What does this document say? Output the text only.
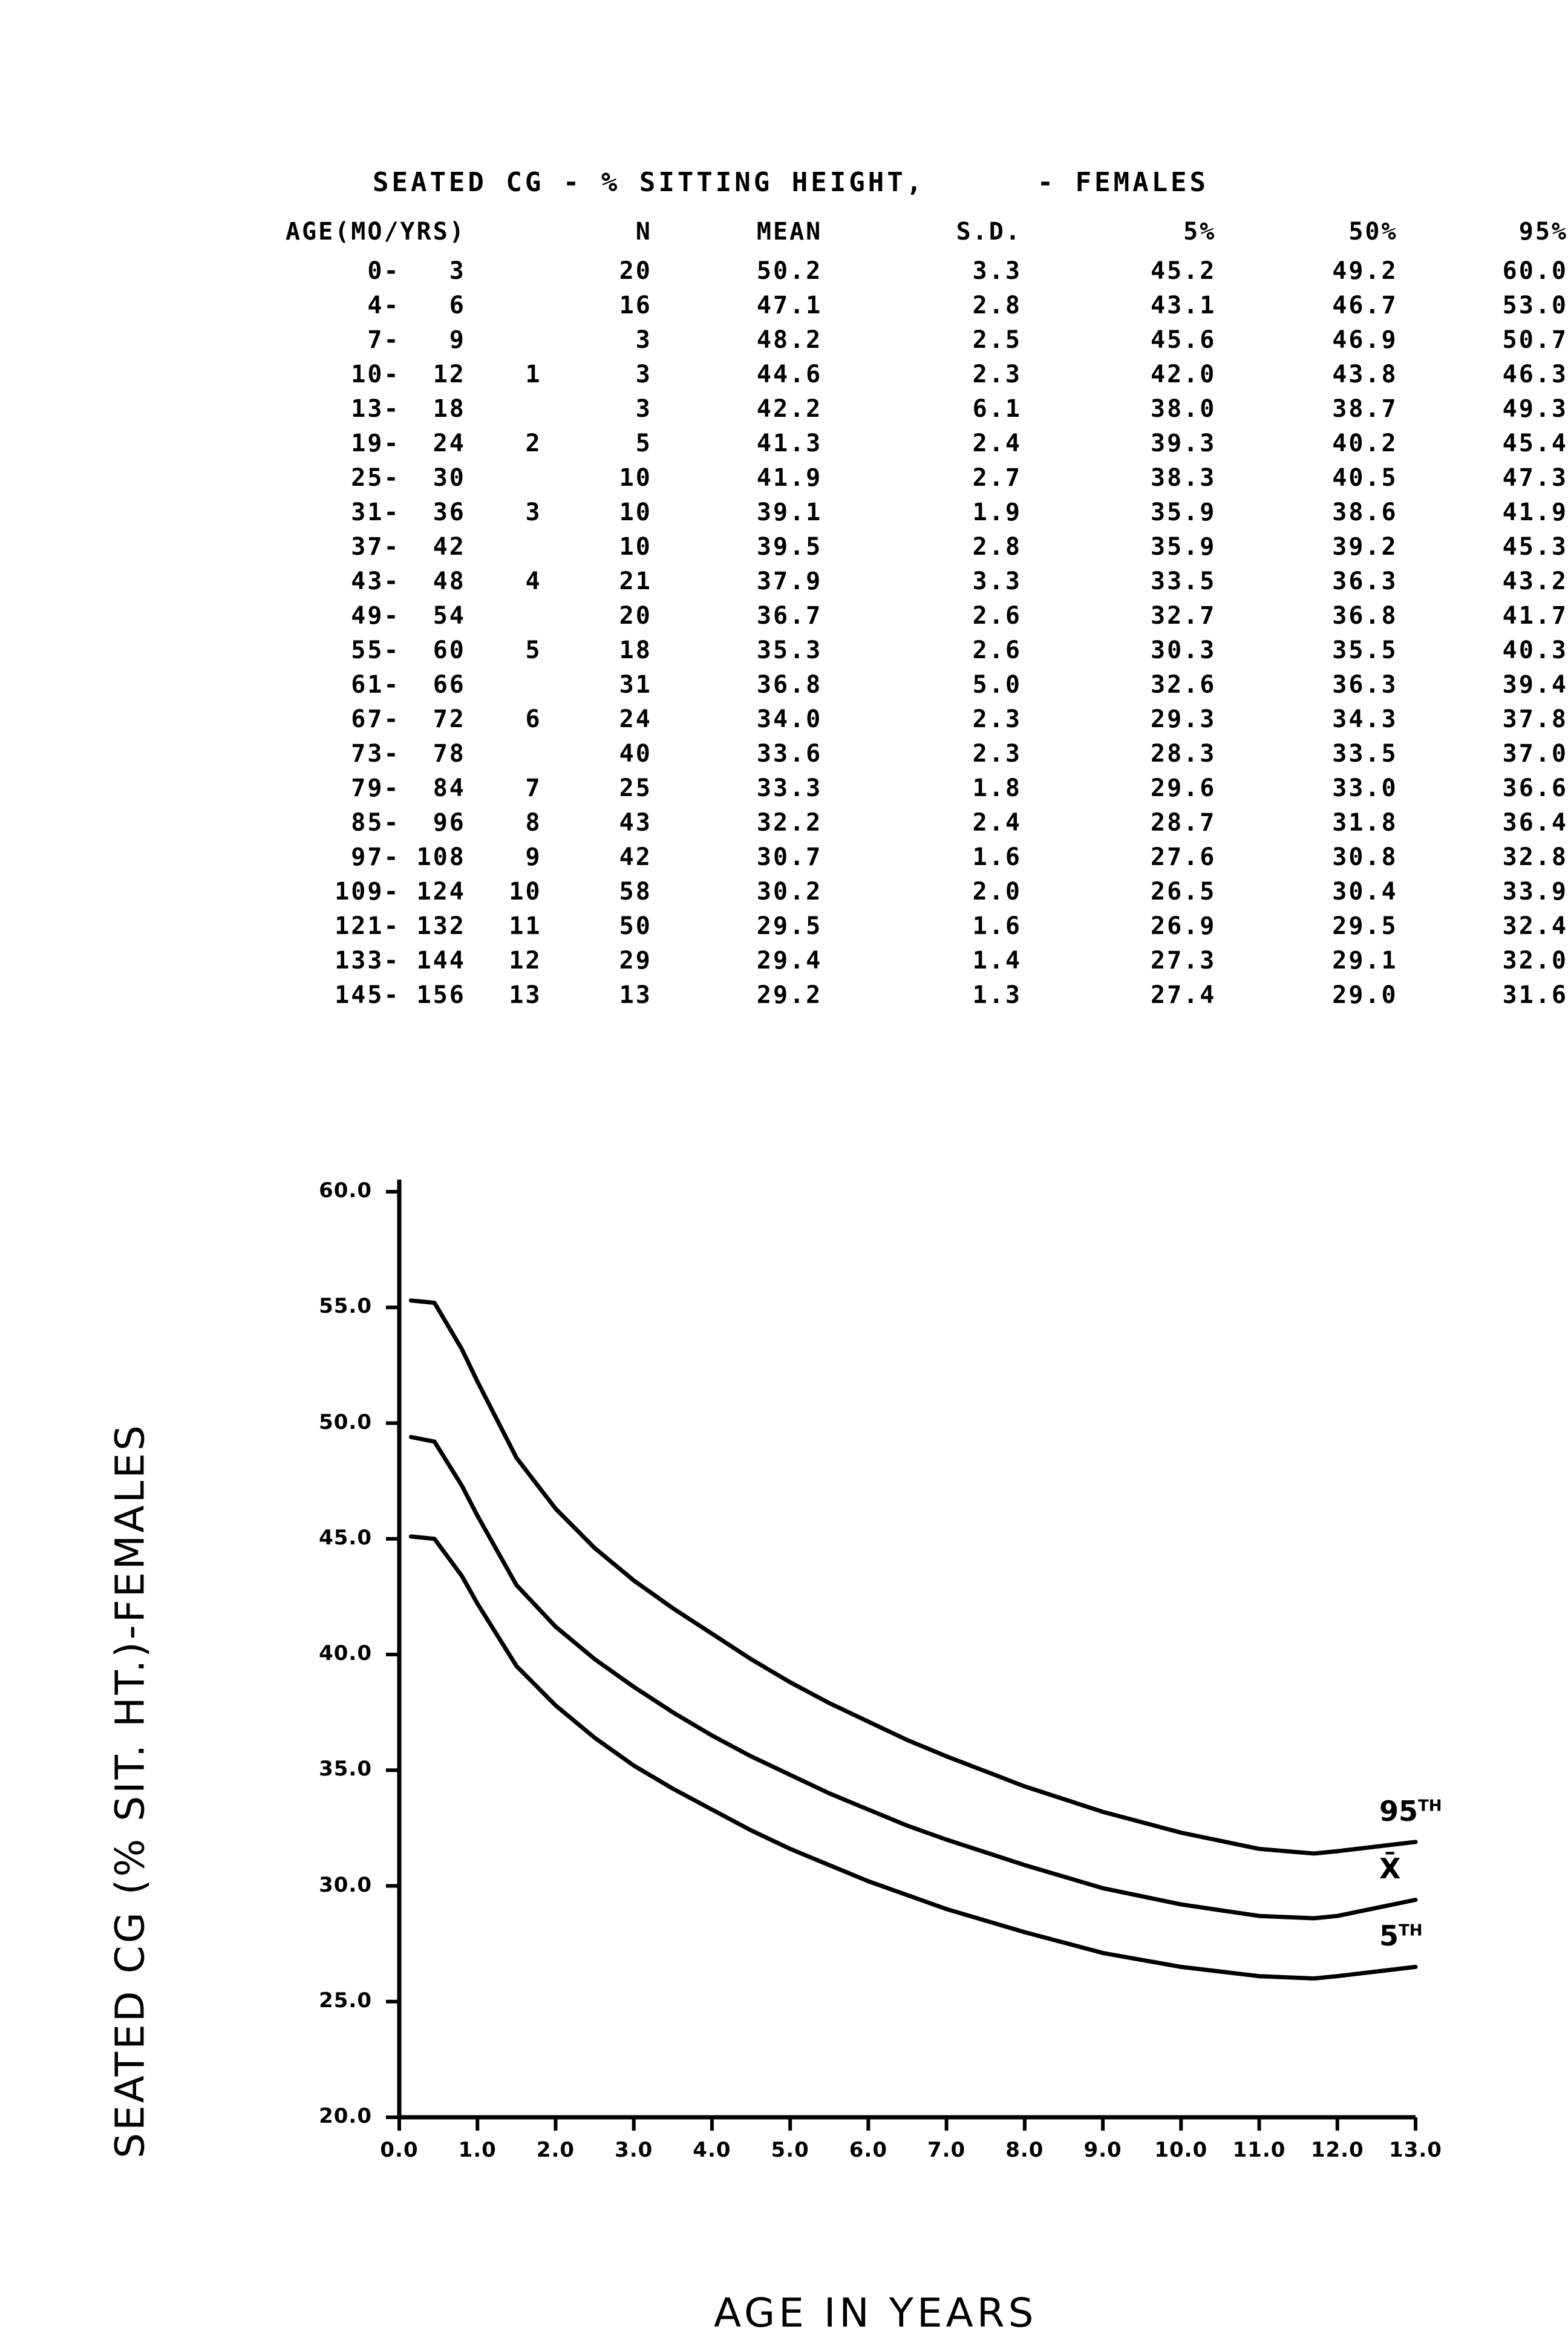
SEATED CG - % SITTING HEIGHT,	- FEMALES

AGE(MO/YRS)		N	MEAN	S.D.	5%	50%	95%
0-   3		20	50.2	3.3	45.2	49.2	60.0
4-   6		16	47.1	2.8	43.1	46.7	53.0
7-   9		3	48.2	2.5	45.6	46.9	50.7
10-  12	1	3	44.6	2.3	42.0	43.8	46.3
13-  18		3	42.2	6.1	38.0	38.7	49.3
19-  24	2	5	41.3	2.4	39.3	40.2	45.4
25-  30		10	41.9	2.7	38.3	40.5	47.3
31-  36	3	10	39.1	1.9	35.9	38.6	41.9
37-  42		10	39.5	2.8	35.9	39.2	45.3
43-  48	4	21	37.9	3.3	33.5	36.3	43.2
49-  54		20	36.7	2.6	32.7	36.8	41.7
55-  60	5	18	35.3	2.6	30.3	35.5	40.3
61-  66		31	36.8	5.0	32.6	36.3	39.4
67-  72	6	24	34.0	2.3	29.3	34.3	37.8
73-  78		40	33.6	2.3	28.3	33.5	37.0
79-  84	7	25	33.3	1.8	29.6	33.0	36.6
85-  96	8	43	32.2	2.4	28.7	31.8	36.4
97- 108	9	42	30.7	1.6	27.6	30.8	32.8
109- 124	10	58	30.2	2.0	26.5	30.4	33.9
121- 132	11	50	29.5	1.6	26.9	29.5	32.4
133- 144	12	29	29.4	1.4	27.3	29.1	32.0
145- 156	13	13	29.2	1.3	27.4	29.0	31.6
SEATED CG (% SIT. HT.)-FEMALES
AGE IN YEARS
20.0
25.0
30.0
35.0
40.0
45.0
50.0
55.0
60.0
0.0	1.0	2.0	3.0	4.0	5.0	6.0	7.0	8.0	9.0	10.0	11.0	12.0	13.0
95TH
X̄
5TH
